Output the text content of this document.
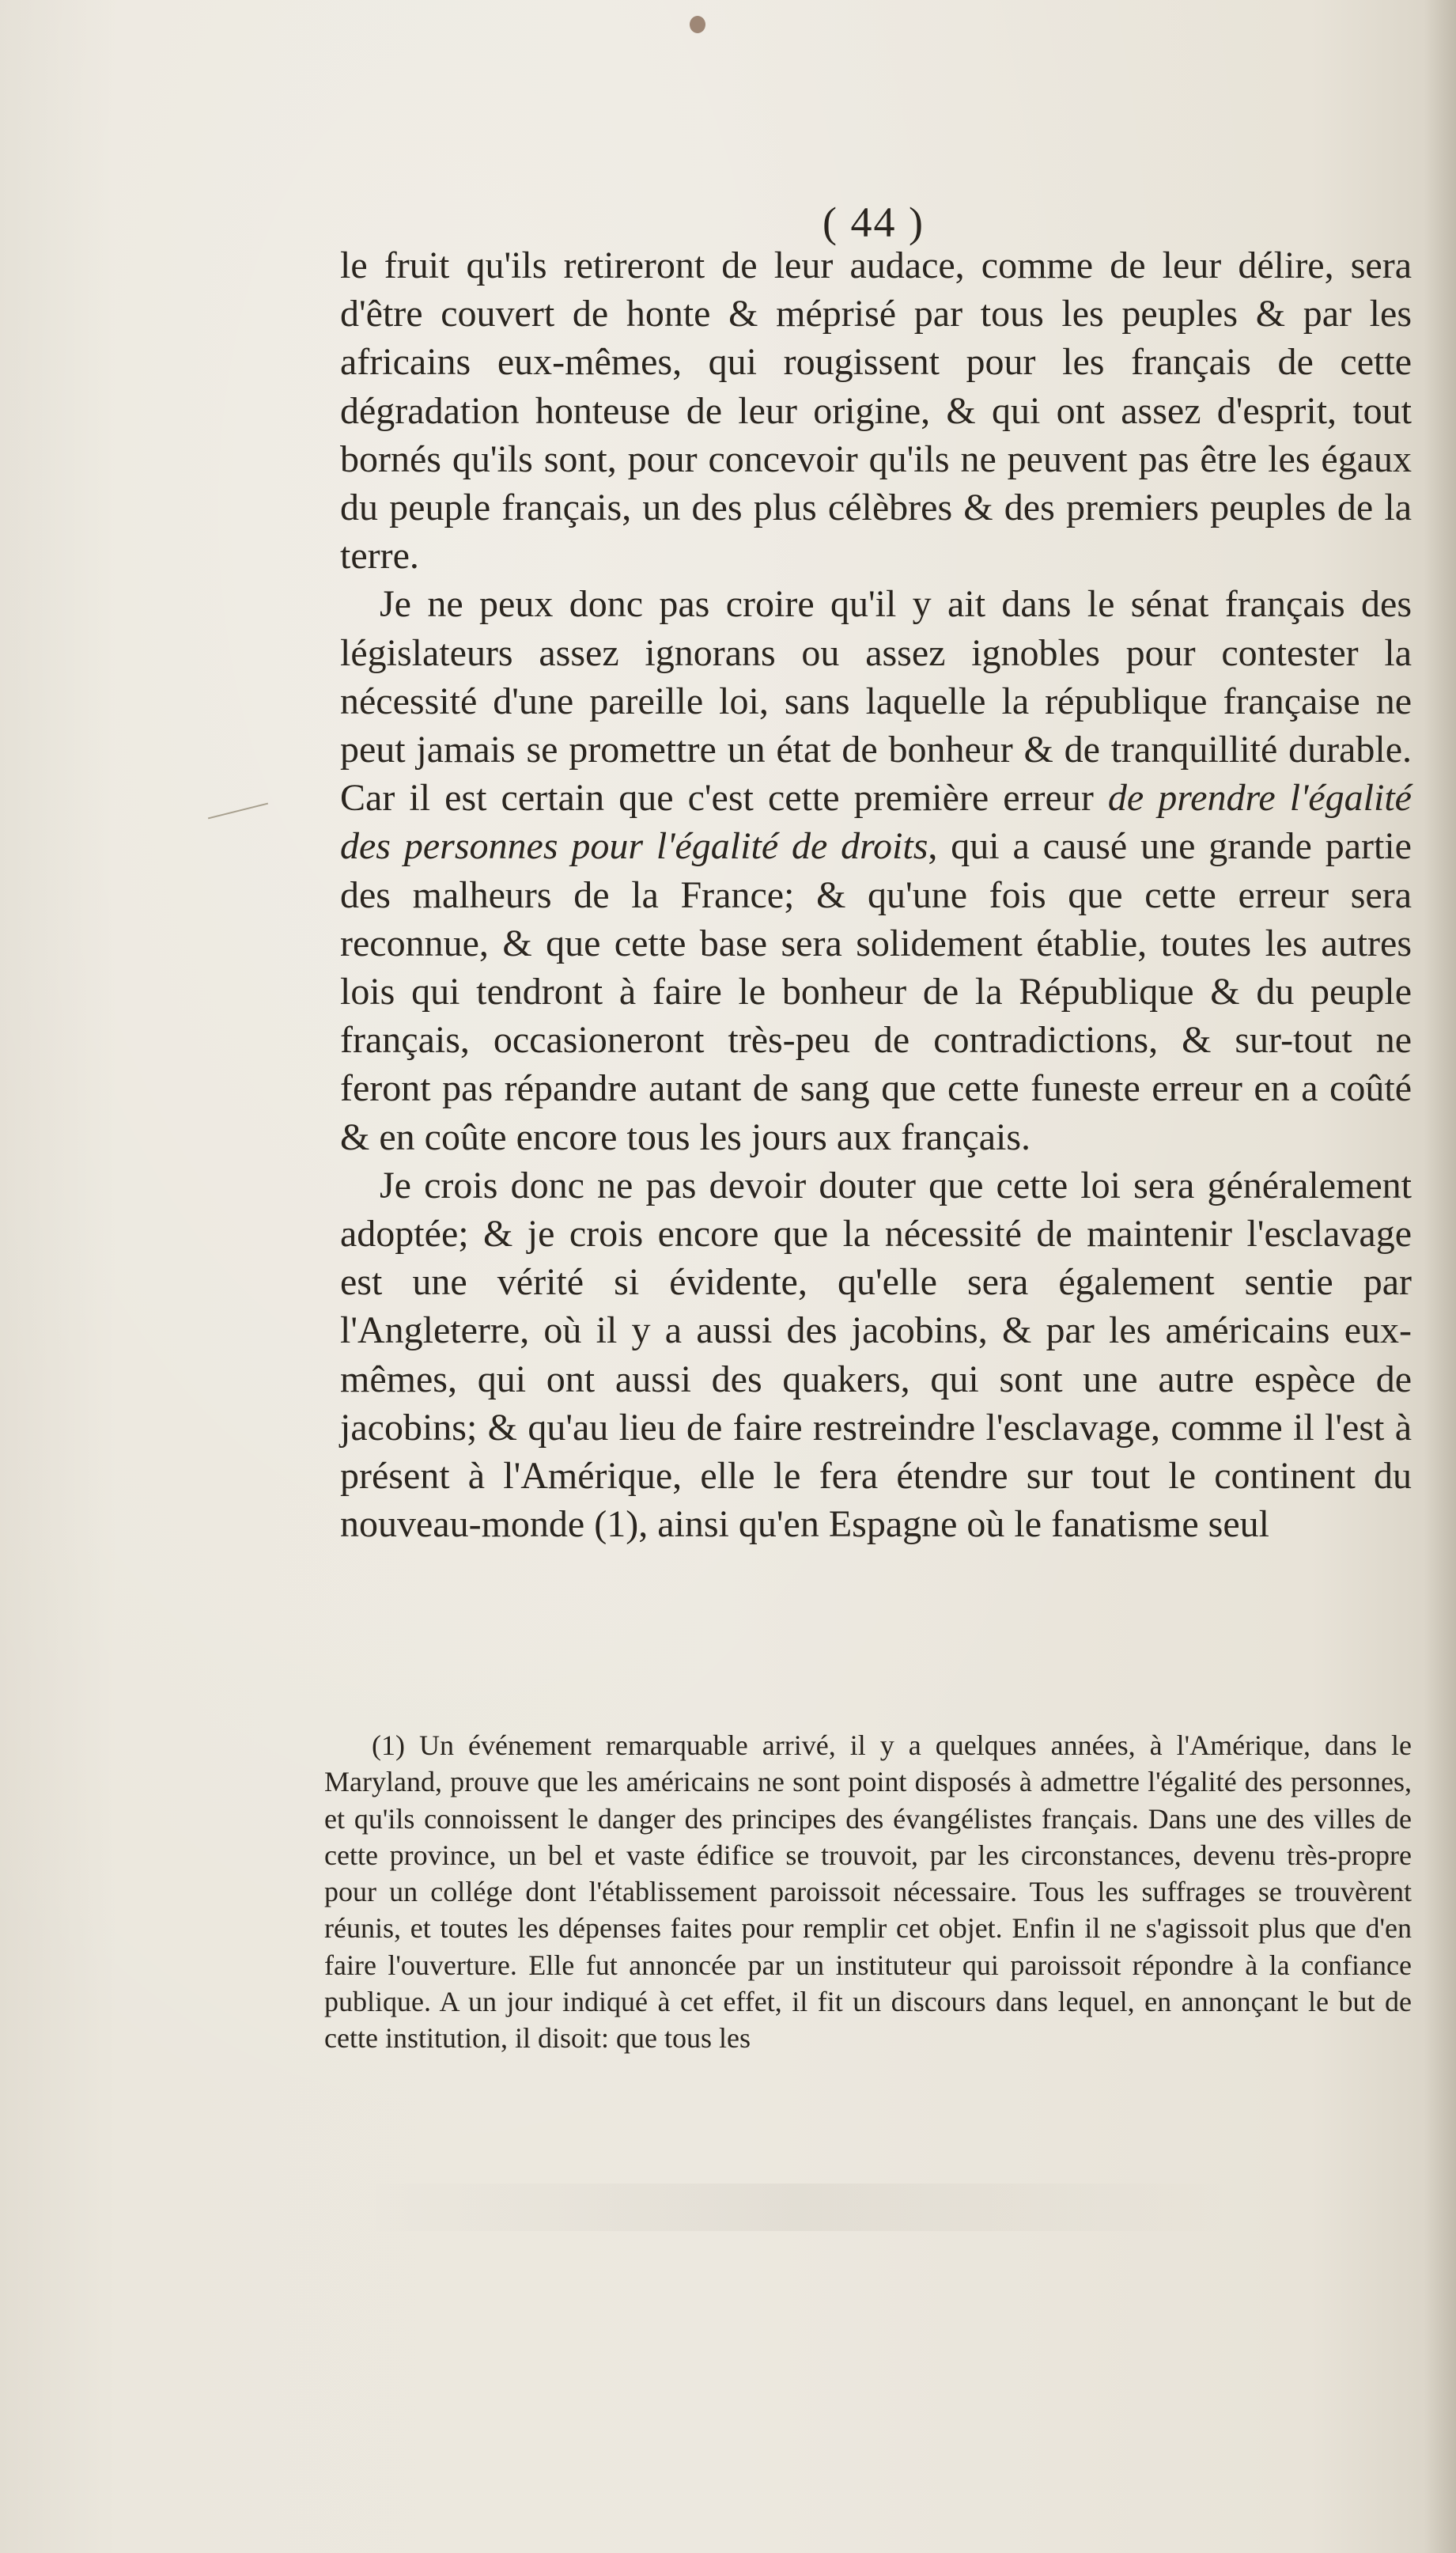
( 44 )

le fruit qu'ils retireront de leur audace, comme de leur délire, sera d'être couvert de honte & méprisé par tous les peuples & par les africains eux-mêmes, qui rougissent pour les français de cette dégradation honteuse de leur origine, & qui ont assez d'esprit, tout bornés qu'ils sont, pour concevoir qu'ils ne peuvent pas être les égaux du peuple français, un des plus célèbres & des premiers peuples de la terre.

Je ne peux donc pas croire qu'il y ait dans le sénat français des législateurs assez ignorans ou assez ignobles pour contester la nécessité d'une pareille loi, sans laquelle la république française ne peut jamais se promettre un état de bonheur & de tranquillité durable. Car il est certain que c'est cette première erreur de prendre l'égalité des personnes pour l'égalité de droits, qui a causé une grande partie des malheurs de la France; & qu'une fois que cette erreur sera reconnue, & que cette base sera solidement établie, toutes les autres lois qui tendront à faire le bonheur de la République & du peuple français, occasioneront très-peu de contradictions, & sur-tout ne feront pas répandre autant de sang que cette funeste erreur en a coûté & en coûte encore tous les jours aux français.

Je crois donc ne pas devoir douter que cette loi sera généralement adoptée; & je crois encore que la nécessité de maintenir l'esclavage est une vérité si évidente, qu'elle sera également sentie par l'Angleterre, où il y a aussi des jacobins, & par les américains eux-mêmes, qui ont aussi des quakers, qui sont une autre espèce de jacobins; & qu'au lieu de faire restreindre l'esclavage, comme il l'est à présent à l'Amérique, elle le fera étendre sur tout le continent du nouveau-monde (1), ainsi qu'en Espagne où le fanatisme seul

(1) Un événement remarquable arrivé, il y a quelques années, à l'Amérique, dans le Maryland, prouve que les américains ne sont point disposés à admettre l'égalité des personnes, et qu'ils connoissent le danger des principes des évangélistes français. Dans une des villes de cette province, un bel et vaste édifice se trouvoit, par les circonstances, devenu très-propre pour un collége dont l'établissement paroissoit nécessaire. Tous les suffrages se trouvèrent réunis, et toutes les dépenses faites pour remplir cet objet. Enfin il ne s'agissoit plus que d'en faire l'ouverture. Elle fut annoncée par un instituteur qui paroissoit répondre à la confiance publique. A un jour indiqué à cet effet, il fit un discours dans lequel, en annonçant le but de cette institution, il disoit: que tous les
